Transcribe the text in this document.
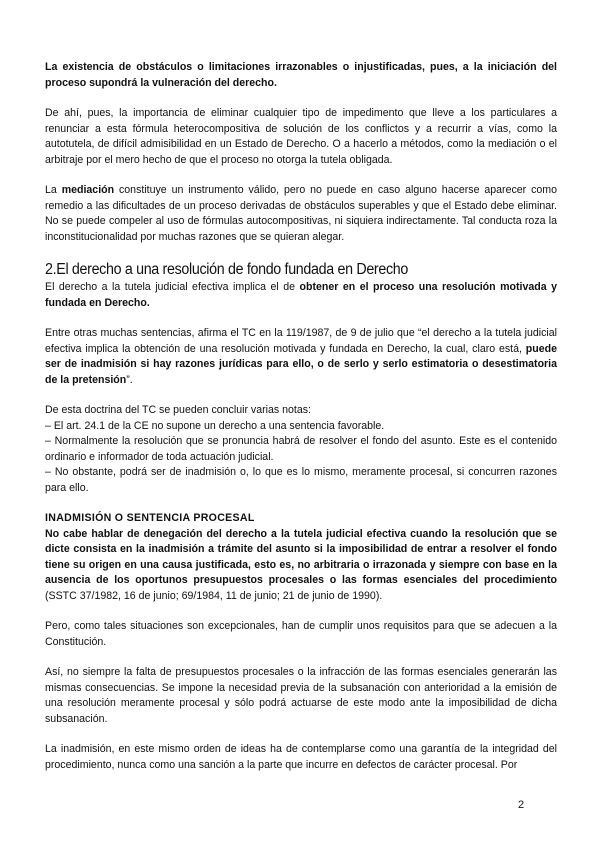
La existencia de obstáculos o limitaciones irrazonables o injustificadas, pues, a la iniciación del proceso supondrá la vulneración del derecho.

De ahí, pues, la importancia de eliminar cualquier tipo de impedimento que lleve a los particulares a renunciar a esta fórmula heterocompositiva de solución de los conflictos y a recurrir a vías, como la autotutela, de difícil admisibilidad en un Estado de Derecho. O a hacerlo a métodos, como la mediación o el arbitraje por el mero hecho de que el proceso no otorga la tutela obligada.

La mediación constituye un instrumento válido, pero no puede en caso alguno hacerse aparecer como remedio a las dificultades de un proceso derivadas de obstáculos superables y que el Estado debe eliminar. No se puede compeler al uso de fórmulas autocompositivas, ni siquiera indirectamente. Tal conducta roza la inconstitucionalidad por muchas razones que se quieran alegar.

2.El derecho a una resolución de fondo fundada en Derecho

El derecho a la tutela judicial efectiva implica el de obtener en el proceso una resolución motivada y fundada en Derecho.

Entre otras muchas sentencias, afirma el TC en la 119/1987, de 9 de julio que “el derecho a la tutela judicial efectiva implica la obtención de una resolución motivada y fundada en Derecho, la cual, claro está, puede ser de inadmisión si hay razones jurídicas para ello, o de serlo y serlo estimatoria o desestimatoria de la pretensión”.

De esta doctrina del TC se pueden concluir varias notas:

– El art. 24.1 de la CE no supone un derecho a una sentencia favorable.

– Normalmente la resolución que se pronuncia habrá de resolver el fondo del asunto. Este es el contenido ordinario e informador de toda actuación judicial.

– No obstante, podrá ser de inadmisión o, lo que es lo mismo, meramente procesal, si concurren razones para ello.

INADMISIÓN O SENTENCIA PROCESAL

No cabe hablar de denegación del derecho a la tutela judicial efectiva cuando la resolución que se dicte consista en la inadmisión a trámite del asunto si la imposibilidad de entrar a resolver el fondo tiene su origen en una causa justificada, esto es, no arbitraria o irrazonada y siempre con base en la ausencia de los oportunos presupuestos procesales o las formas esenciales del procedimiento (SSTC 37/1982, 16 de junio; 69/1984, 11 de junio; 21 de junio de 1990).

Pero, como tales situaciones son excepcionales, han de cumplir unos requisitos para que se adecuen a la Constitución.

Así, no siempre la falta de presupuestos procesales o la infracción de las formas esenciales generarán las mismas consecuencias. Se impone la necesidad previa de la subsanación con anterioridad a la emisión de una resolución meramente procesal y sólo podrá actuarse de este modo ante la imposibilidad de dicha subsanación.

La inadmisión, en este mismo orden de ideas ha de contemplarse como una garantía de la integridad del procedimiento, nunca como una sanción a la parte que incurre en defectos de carácter procesal. Por

2
